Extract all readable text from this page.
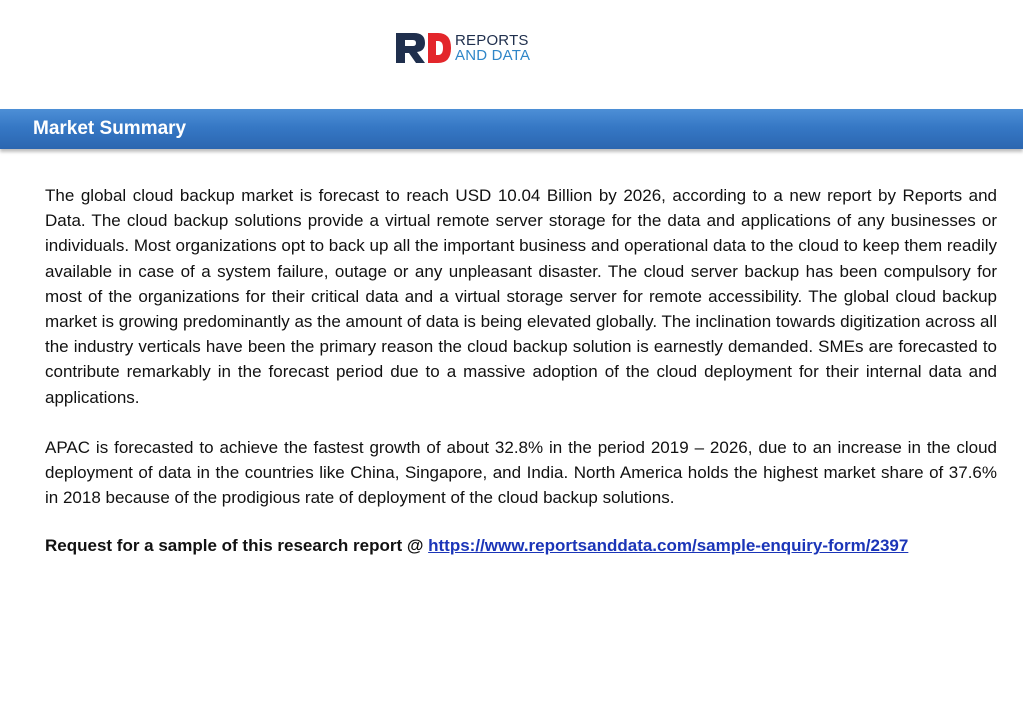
REPORTS
AND DATA
Market Summary

The global cloud backup market is forecast to reach USD 10.04 Billion by 2026, according to a new report by Reports and Data. The cloud backup solutions provide a virtual remote server storage for the data and applications of any businesses or individuals. Most organizations opt to back up all the important business and operational data to the cloud to keep them readily available in case of a system failure, outage or any unpleasant disaster. The cloud server backup has been compulsory for most of the organizations for their critical data and a virtual storage server for remote accessibility. The global cloud backup market is growing predominantly as the amount of data is being elevated globally. The inclination towards digitization across all the industry verticals have been the primary reason the cloud backup solution is earnestly demanded. SMEs are forecasted to contribute remarkably in the forecast period due to a massive adoption of the cloud deployment for their internal data and applications.

APAC is forecasted to achieve the fastest growth of about 32.8% in the period 2019 – 2026, due to an increase in the cloud deployment of data in the countries like China, Singapore, and India. North America holds the highest market share of 37.6% in 2018 because of the prodigious rate of deployment of the cloud backup solutions.

Request for a sample of this research report @ https://www.reportsanddata.com/sample-enquiry-form/2397
